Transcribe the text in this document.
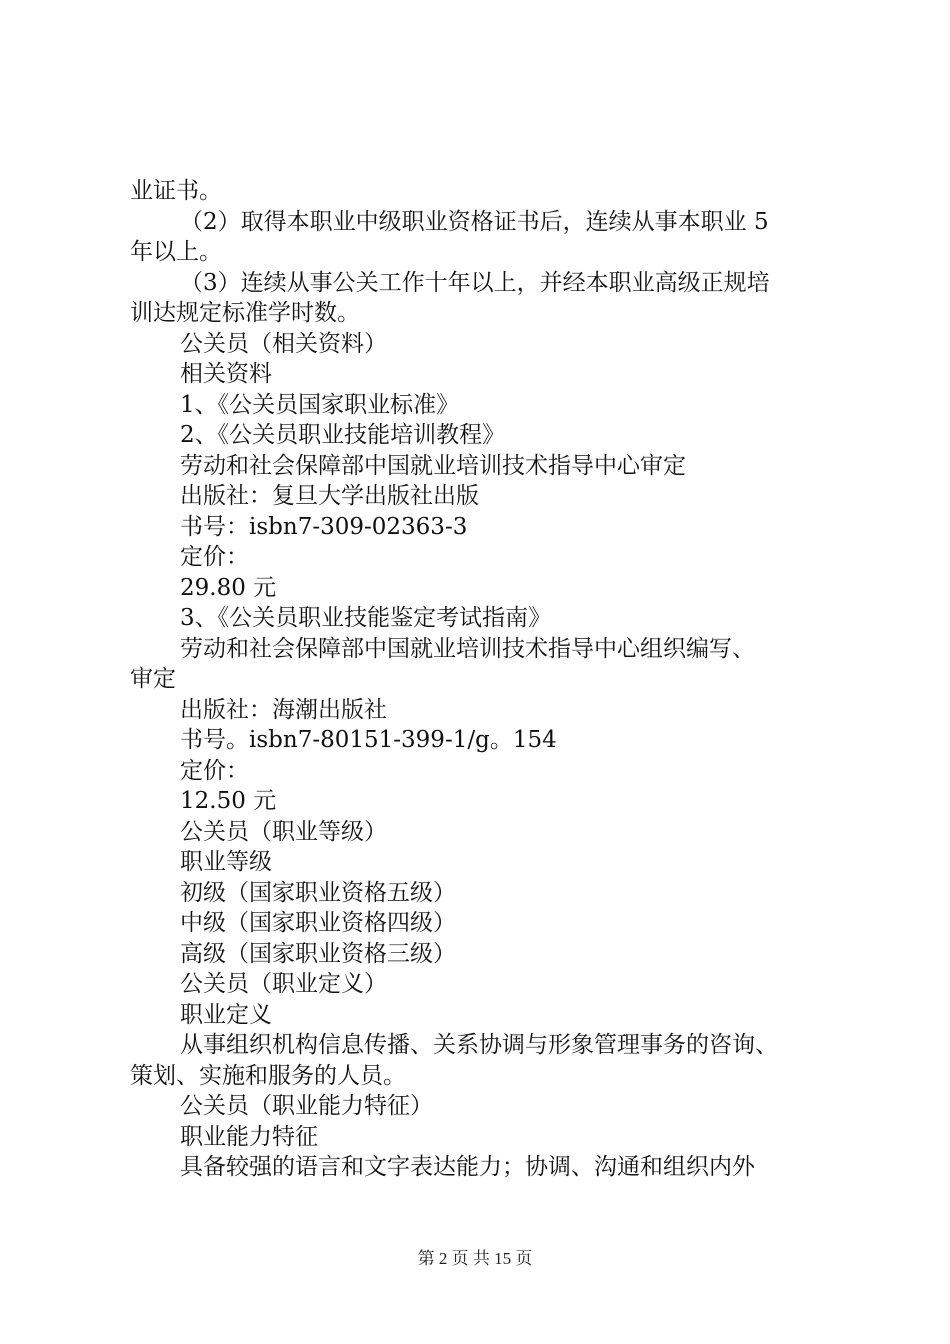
业证书。
（2）取得本职业中级职业资格证书后，连续从事本职业 5
年以上。
（3）连续从事公关工作十年以上，并经本职业高级正规培
训达规定标准学时数。
公关员（相关资料）
相关资料
1、《公关员国家职业标准》
2、《公关员职业技能培训教程》
劳动和社会保障部中国就业培训技术指导中心审定
出版社：复旦大学出版社出版
书号：isbn7-309-02363-3
定价：
29.80 元
3、《公关员职业技能鉴定考试指南》
劳动和社会保障部中国就业培训技术指导中心组织编写、
审定
出版社：海潮出版社
书号。isbn7-80151-399-1/g。154
定价：
12.50 元
公关员（职业等级）
职业等级
初级（国家职业资格五级）
中级（国家职业资格四级）
高级（国家职业资格三级）
公关员（职业定义）
职业定义
从事组织机构信息传播、关系协调与形象管理事务的咨询、
策划、实施和服务的人员。
公关员（职业能力特征）
职业能力特征
具备较强的语言和文字表达能力；协调、沟通和组织内外
第 2 页 共 15 页
